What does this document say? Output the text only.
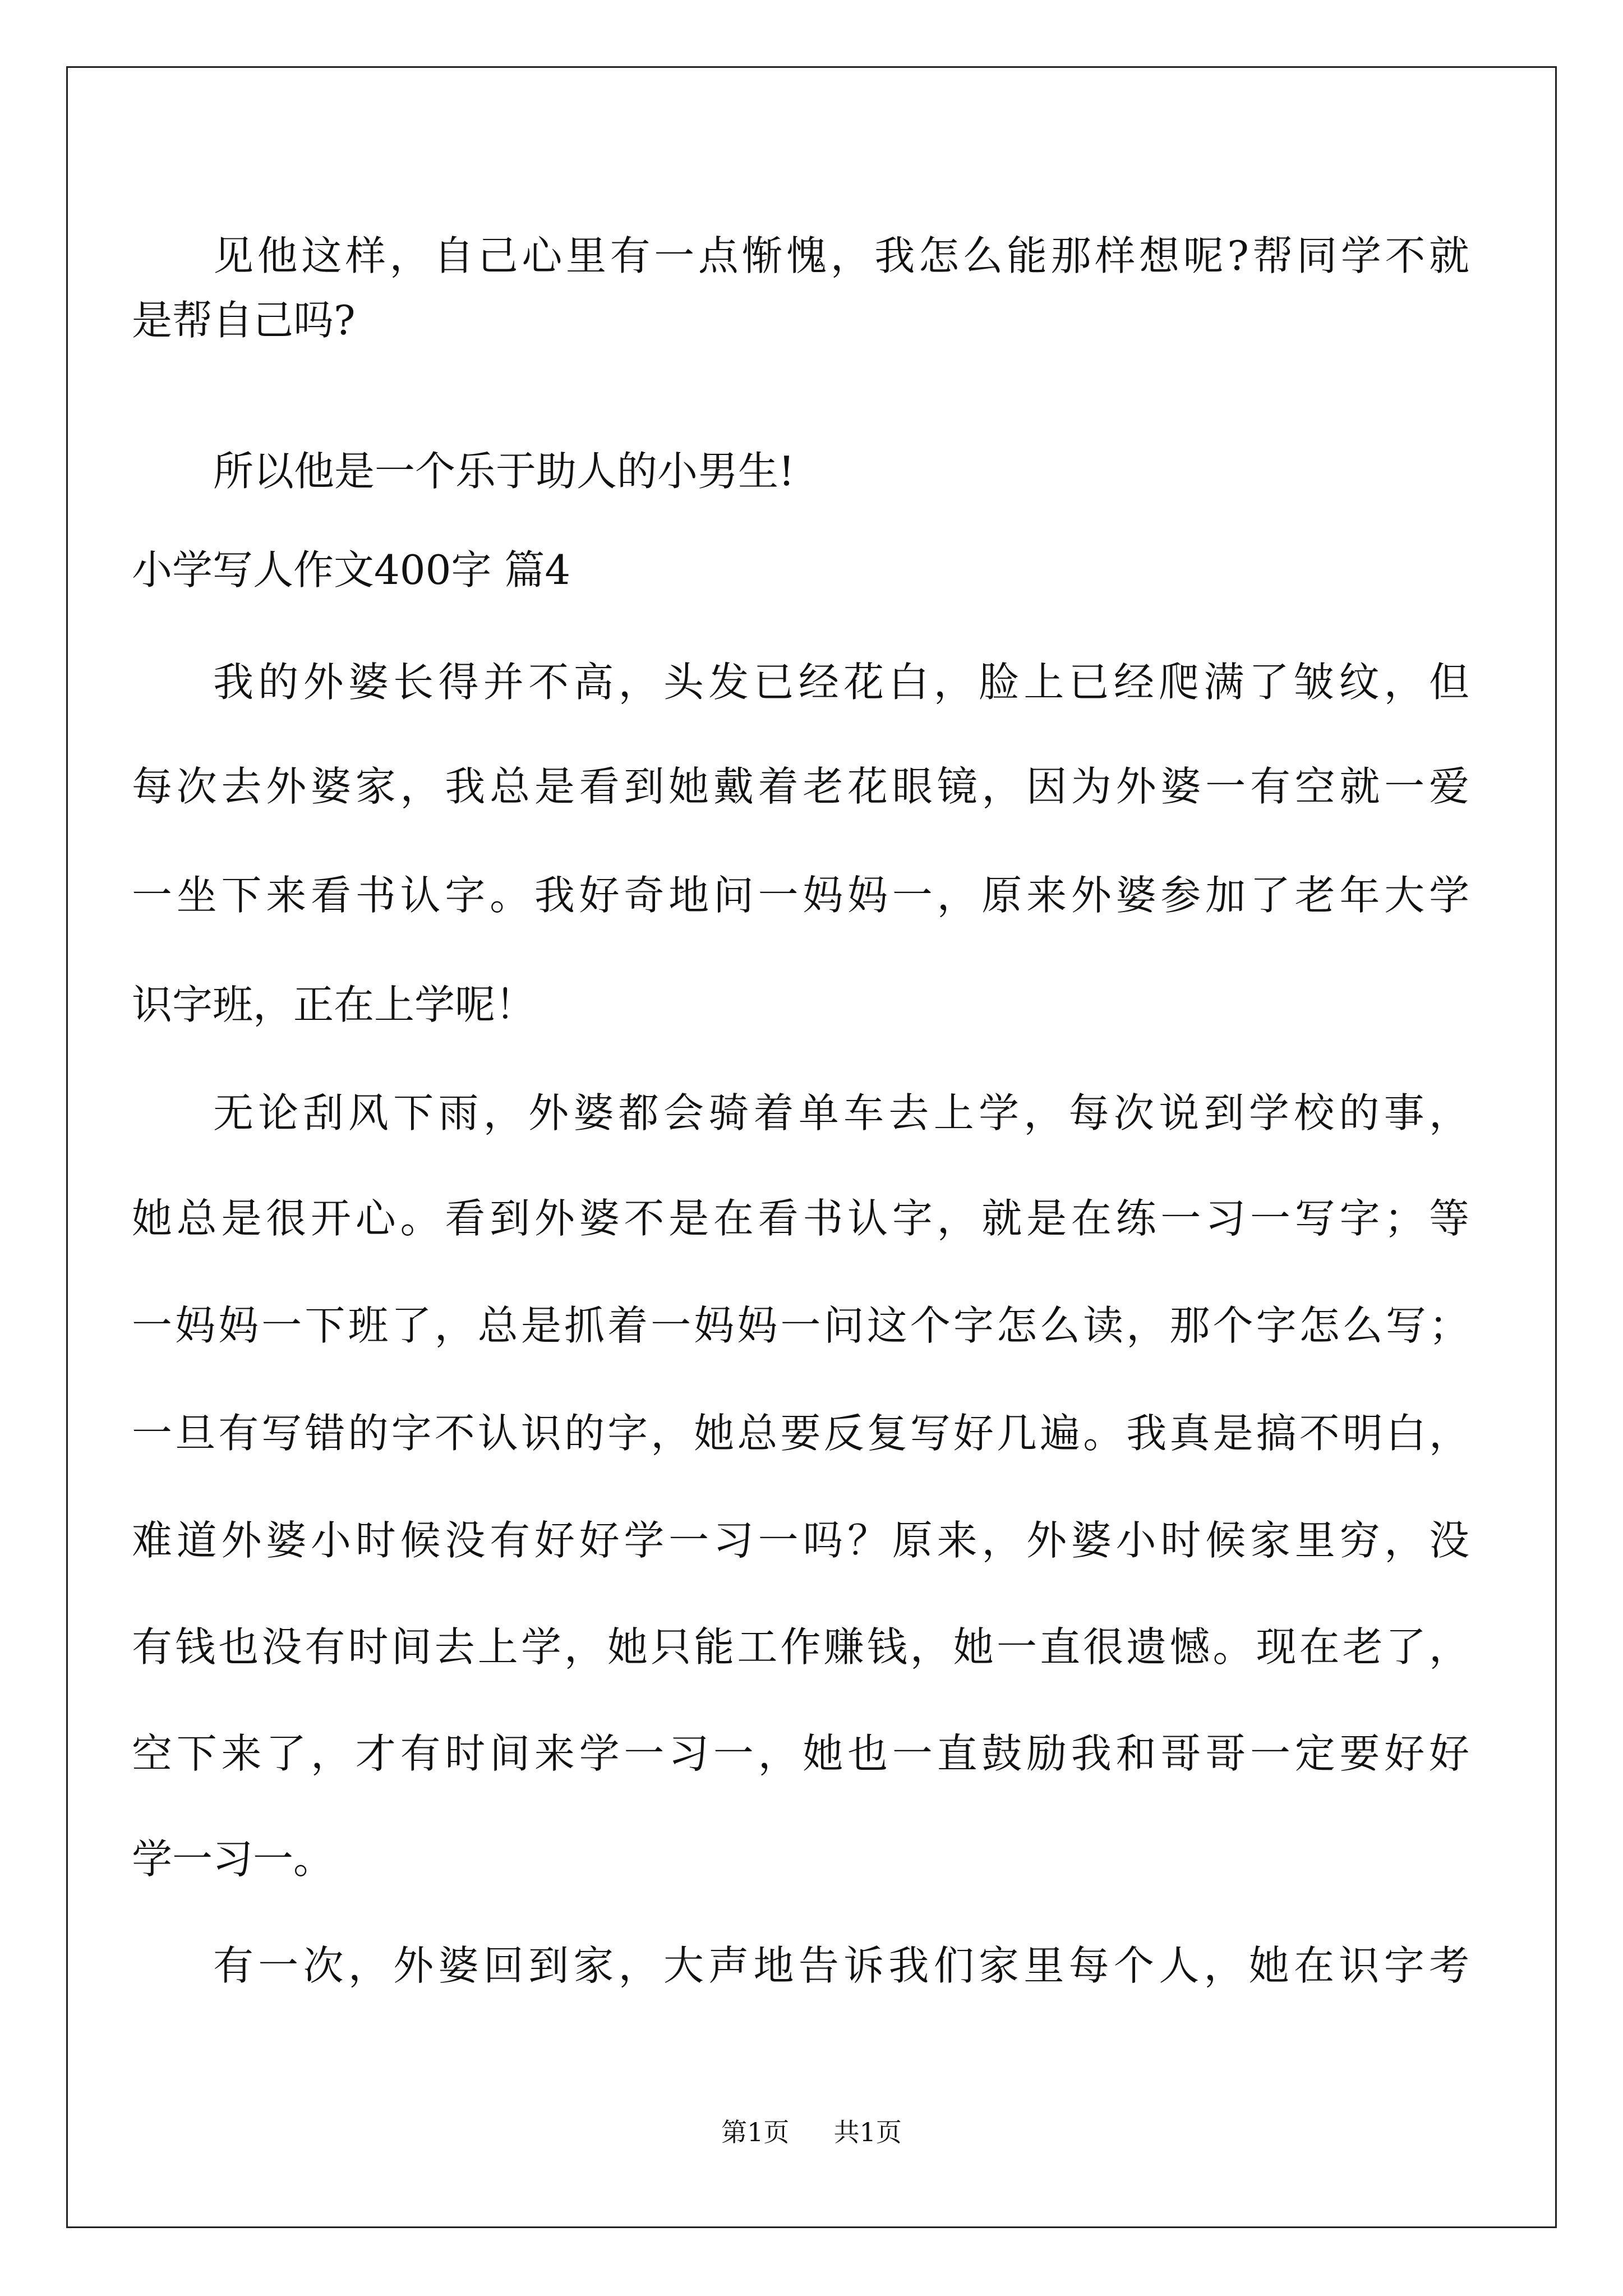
见他这样，自己心里有一点惭愧，我怎么能那样想呢?帮同学不就
是帮自己吗?
所以他是一个乐于助人的小男生!
小学写人作文400字 篇4
我的外婆长得并不高，头发已经花白，脸上已经爬满了皱纹，但
每次去外婆家，我总是看到她戴着老花眼镜，因为外婆一有空就一爱
一坐下来看书认字。我好奇地问一妈妈一，原来外婆参加了老年大学
识字班，正在上学呢！
无论刮风下雨，外婆都会骑着单车去上学，每次说到学校的事，
她总是很开心。看到外婆不是在看书认字，就是在练一习一写字；等
一妈妈一下班了，总是抓着一妈妈一问这个字怎么读，那个字怎么写；
一旦有写错的字不认识的字，她总要反复写好几遍。我真是搞不明白，
难道外婆小时候没有好好学一习一吗？原来，外婆小时候家里穷，没
有钱也没有时间去上学，她只能工作赚钱，她一直很遗憾。现在老了，
空下来了，才有时间来学一习一，她也一直鼓励我和哥哥一定要好好
学一习一。
有一次，外婆回到家，大声地告诉我们家里每个人，她在识字考
第1页 共1页
